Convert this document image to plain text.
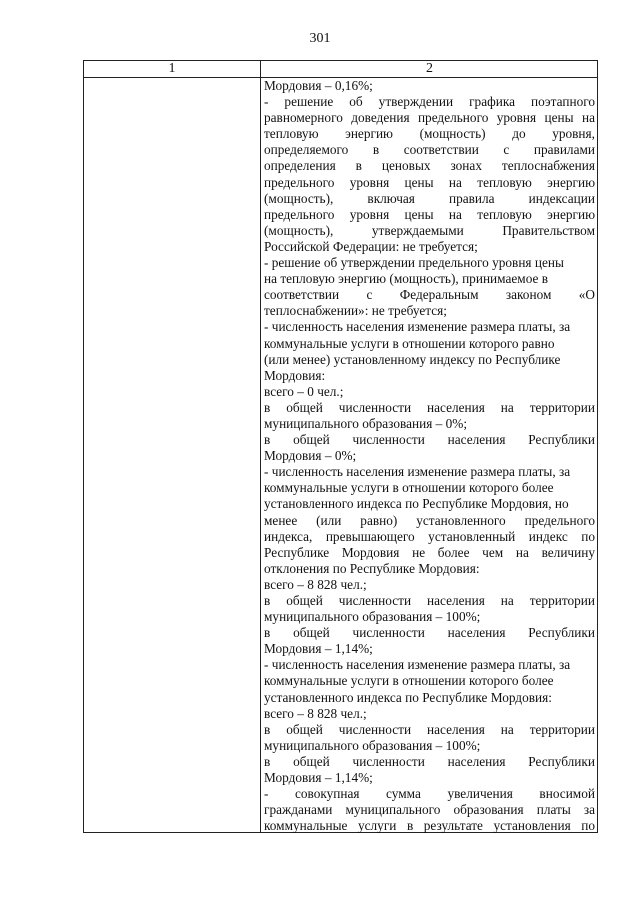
301
1	2
Мордовия – 0,16%;
- решение об утверждении графика поэтапного
равномерного доведения предельного уровня цены на
тепловую энергию (мощность) до уровня,
определяемого в соответствии с правилами
определения в ценовых зонах теплоснабжения
предельного уровня цены на тепловую энергию
(мощность), включая правила индексации
предельного уровня цены на тепловую энергию
(мощность), утверждаемыми Правительством
Российской Федерации: не требуется;
- решение об утверждении предельного уровня цены
на тепловую энергию (мощность), принимаемое в
соответствии с Федеральным законом «О
теплоснабжении»: не требуется;
- численность населения изменение размера платы, за
коммунальные услуги в отношении которого равно
(или менее) установленному индексу по Республике
Мордовия:
всего – 0 чел.;
в общей численности населения на территории
муниципального образования – 0%;
в общей численности населения Республики
Мордовия – 0%;
- численность населения изменение размера платы, за
коммунальные услуги в отношении которого более
установленного индекса по Республике Мордовия, но
менее (или равно) установленного предельного
индекса, превышающего установленный индекс по
Республике Мордовия не более чем на величину
отклонения по Республике Мордовия:
всего – 8 828 чел.;
в общей численности населения на территории
муниципального образования – 100%;
в общей численности населения Республики
Мордовия – 1,14%;
- численность населения изменение размера платы, за
коммунальные услуги в отношении которого более
установленного индекса по Республике Мордовия:
всего – 8 828 чел.;
в общей численности населения на территории
муниципального образования – 100%;
в общей численности населения Республики
Мордовия – 1,14%;
- совокупная сумма увеличения вносимой
гражданами муниципального образования платы за
коммунальные услуги в результате установления по
